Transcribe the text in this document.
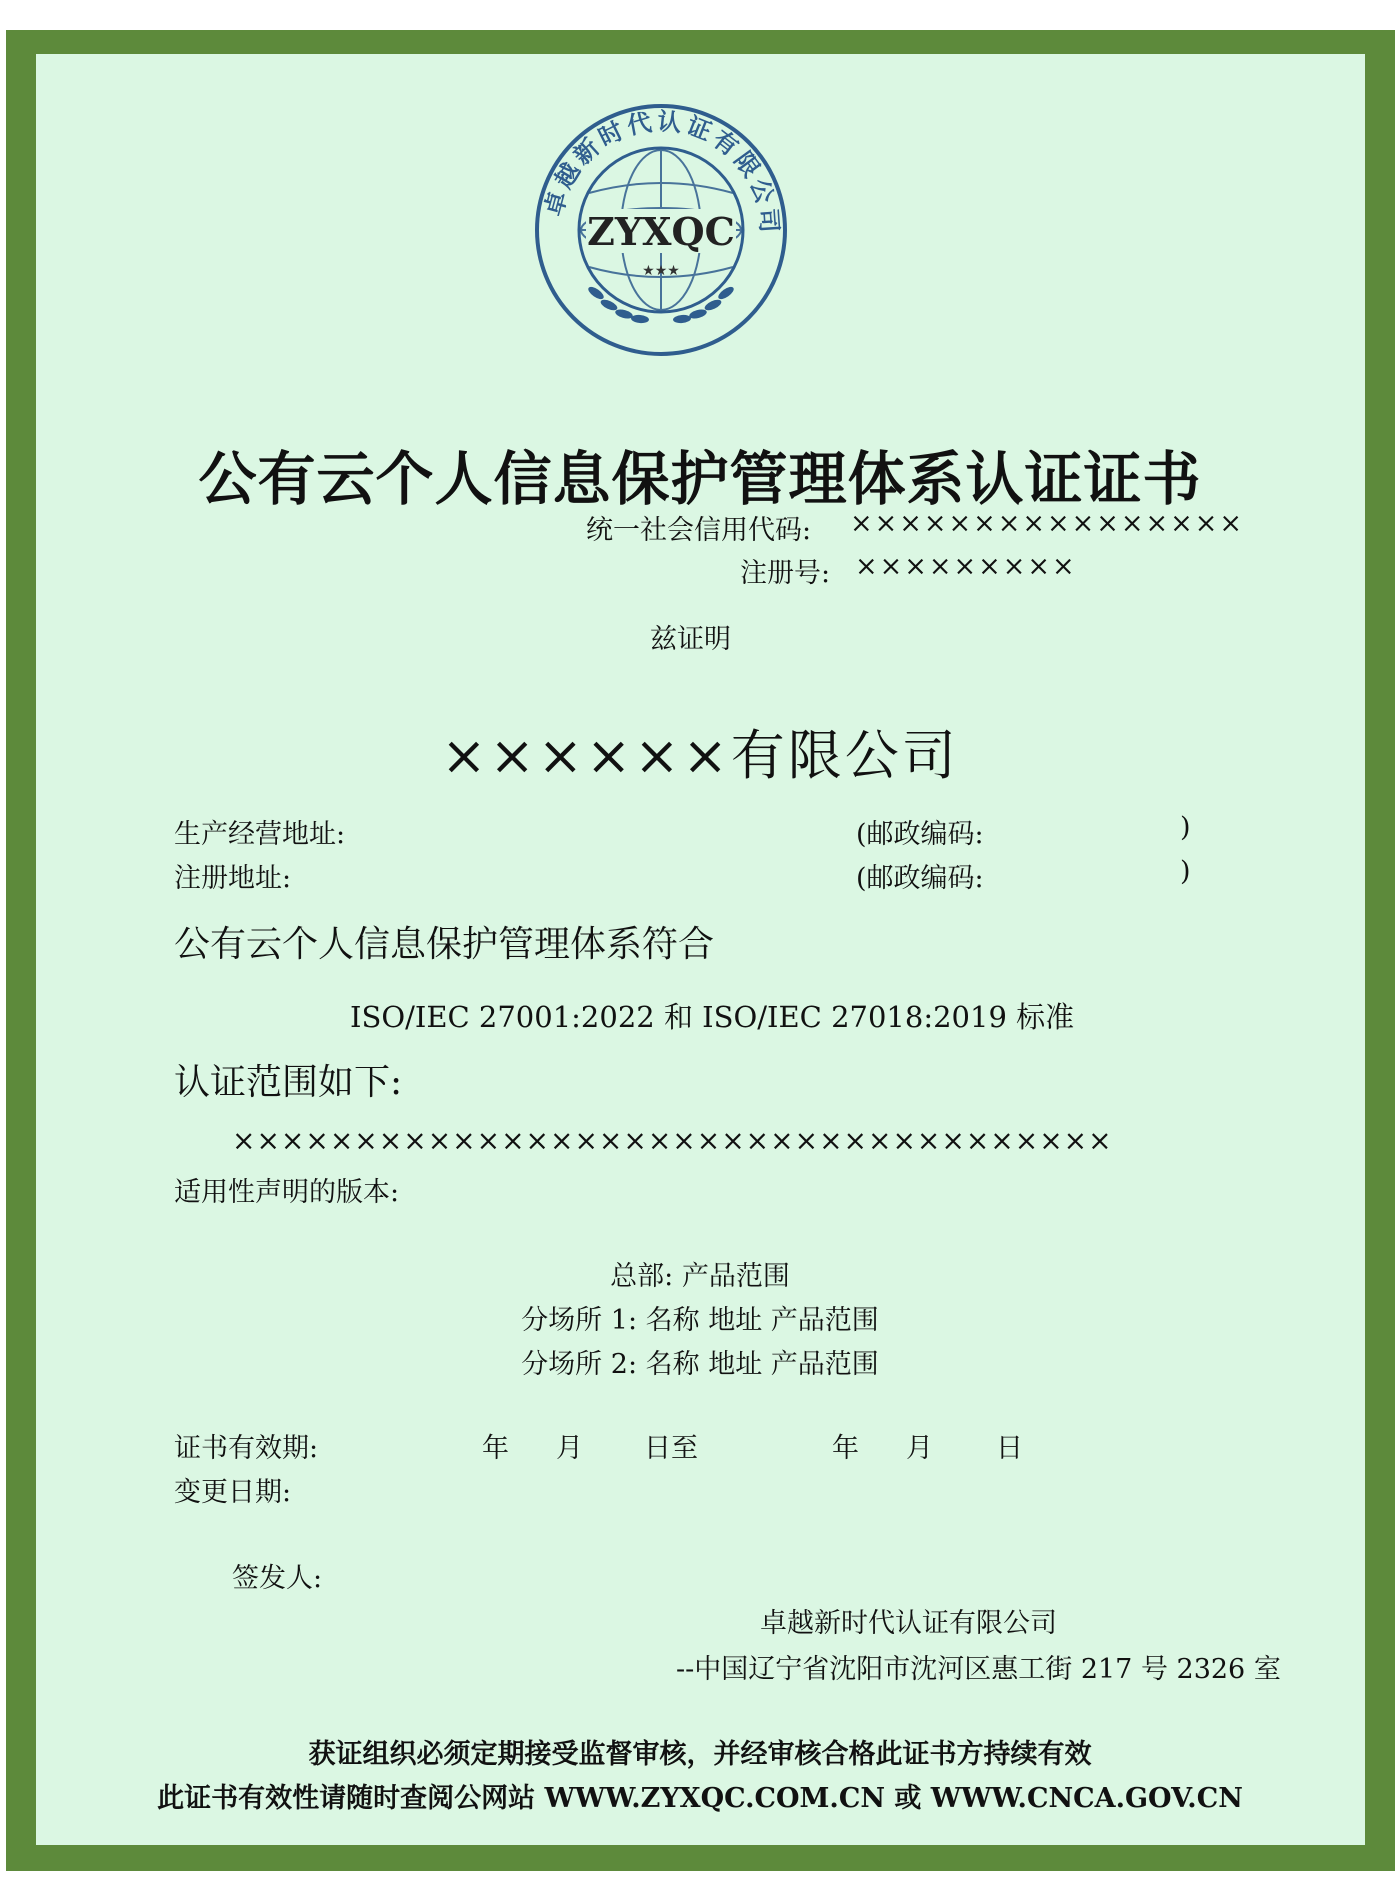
ZYXQC
★★★
卓越新时代认证有限公司
公有云个人信息保护管理体系认证证书
统一社会信用代码: ××××××××××××××××
注册号: ×××××××××
兹证明
××××××有限公司
生产经营地址:	(邮政编码:	)
注册地址:	(邮政编码:	)
公有云个人信息保护管理体系符合
ISO/IEC 27001:2022 和 ISO/IEC 27018:2019 标准
认证范围如下:
××××××××××××××××××××××××××××××××××××
适用性声明的版本:
总部: 产品范围
分场所 1: 名称 地址 产品范围
分场所 2: 名称 地址 产品范围
证书有效期:	年 月 日至	年 月 日
变更日期:
签发人:
卓越新时代认证有限公司
--中国辽宁省沈阳市沈河区惠工街 217 号 2326 室
获证组织必须定期接受监督审核，并经审核合格此证书方持续有效
此证书有效性请随时查阅公网站 WWW.ZYXQC.COM.CN 或 WWW.CNCA.GOV.CN
